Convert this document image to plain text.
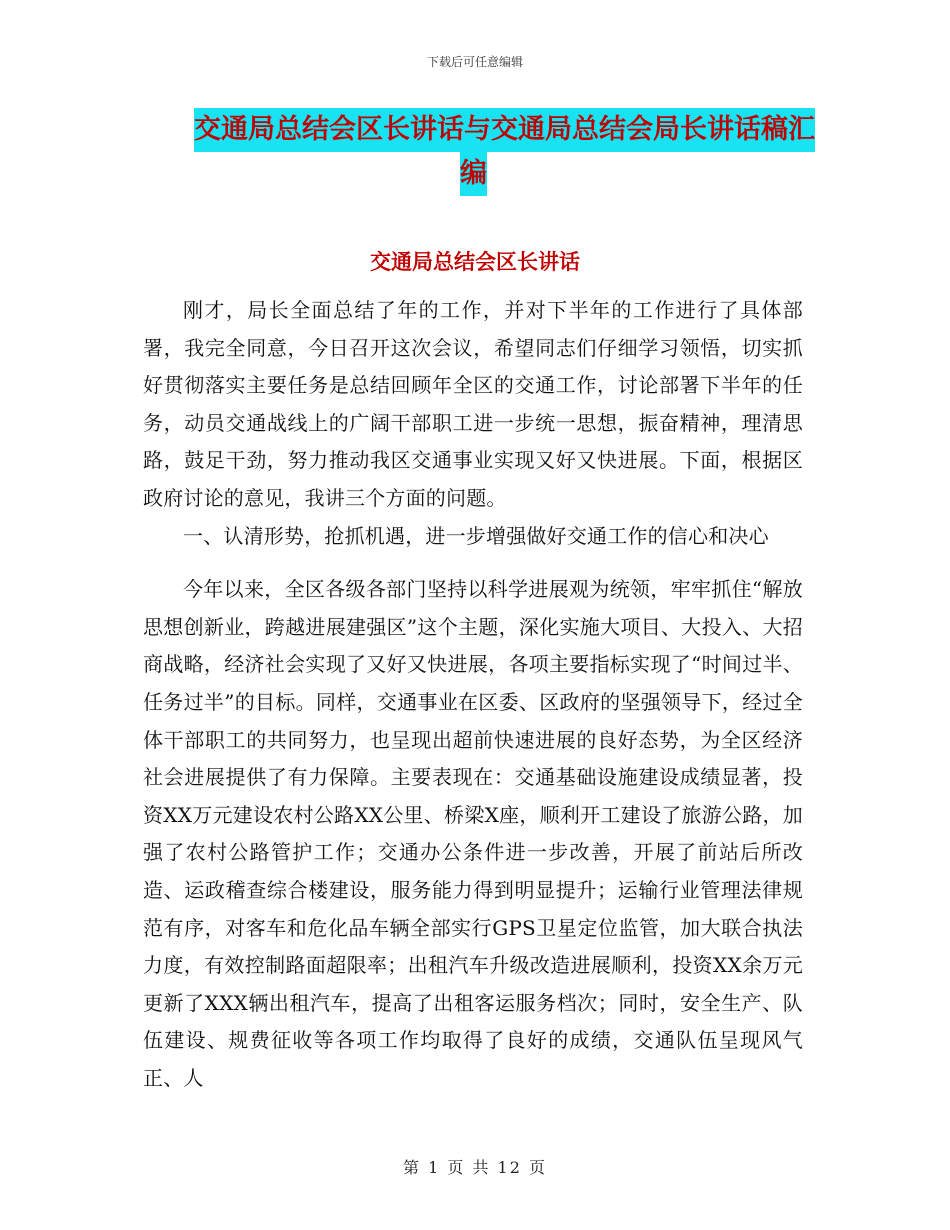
下载后可任意编辑
交通局总结会区长讲话与交通局总结会局长讲话稿汇
编
交通局总结会区长讲话

刚才，局长全面总结了年的工作，并对下半年的工作进行了具体部署，我完全同意，今日召开这次会议，希望同志们仔细学习领悟，切实抓好贯彻落实主要任务是总结回顾年全区的交通工作，讨论部署下半年的任务，动员交通战线上的广阔干部职工进一步统一思想，振奋精神，理清思路，鼓足干劲，努力推动我区交通事业实现又好又快进展。下面，根据区政府讨论的意见，我讲三个方面的问题。

一、认清形势，抢抓机遇，进一步增强做好交通工作的信心和决心

今年以来，全区各级各部门坚持以科学进展观为统领，牢牢抓住“解放思想创新业，跨越进展建强区”这个主题，深化实施大项目、大投入、大招商战略，经济社会实现了又好又快进展，各项主要指标实现了“时间过半、任务过半”的目标。同样，交通事业在区委、区政府的坚强领导下，经过全体干部职工的共同努力，也呈现出超前快速进展的良好态势，为全区经济社会进展提供了有力保障。主要表现在：交通基础设施建设成绩显著，投资XX万元建设农村公路XX公里、桥梁X座，顺利开工建设了旅游公路，加强了农村公路管护工作；交通办公条件进一步改善，开展了前站后所改造、运政稽查综合楼建设，服务能力得到明显提升；运输行业管理法律规范有序，对客车和危化品车辆全部实行GPS卫星定位监管，加大联合执法力度，有效控制路面超限率；出租汽车升级改造进展顺利，投资XX余万元更新了XXX辆出租汽车，提高了出租客运服务档次；同时，安全生产、队伍建设、规费征收等各项工作均取得了良好的成绩，交通队伍呈现风气正、人

第 1 页 共 12 页
